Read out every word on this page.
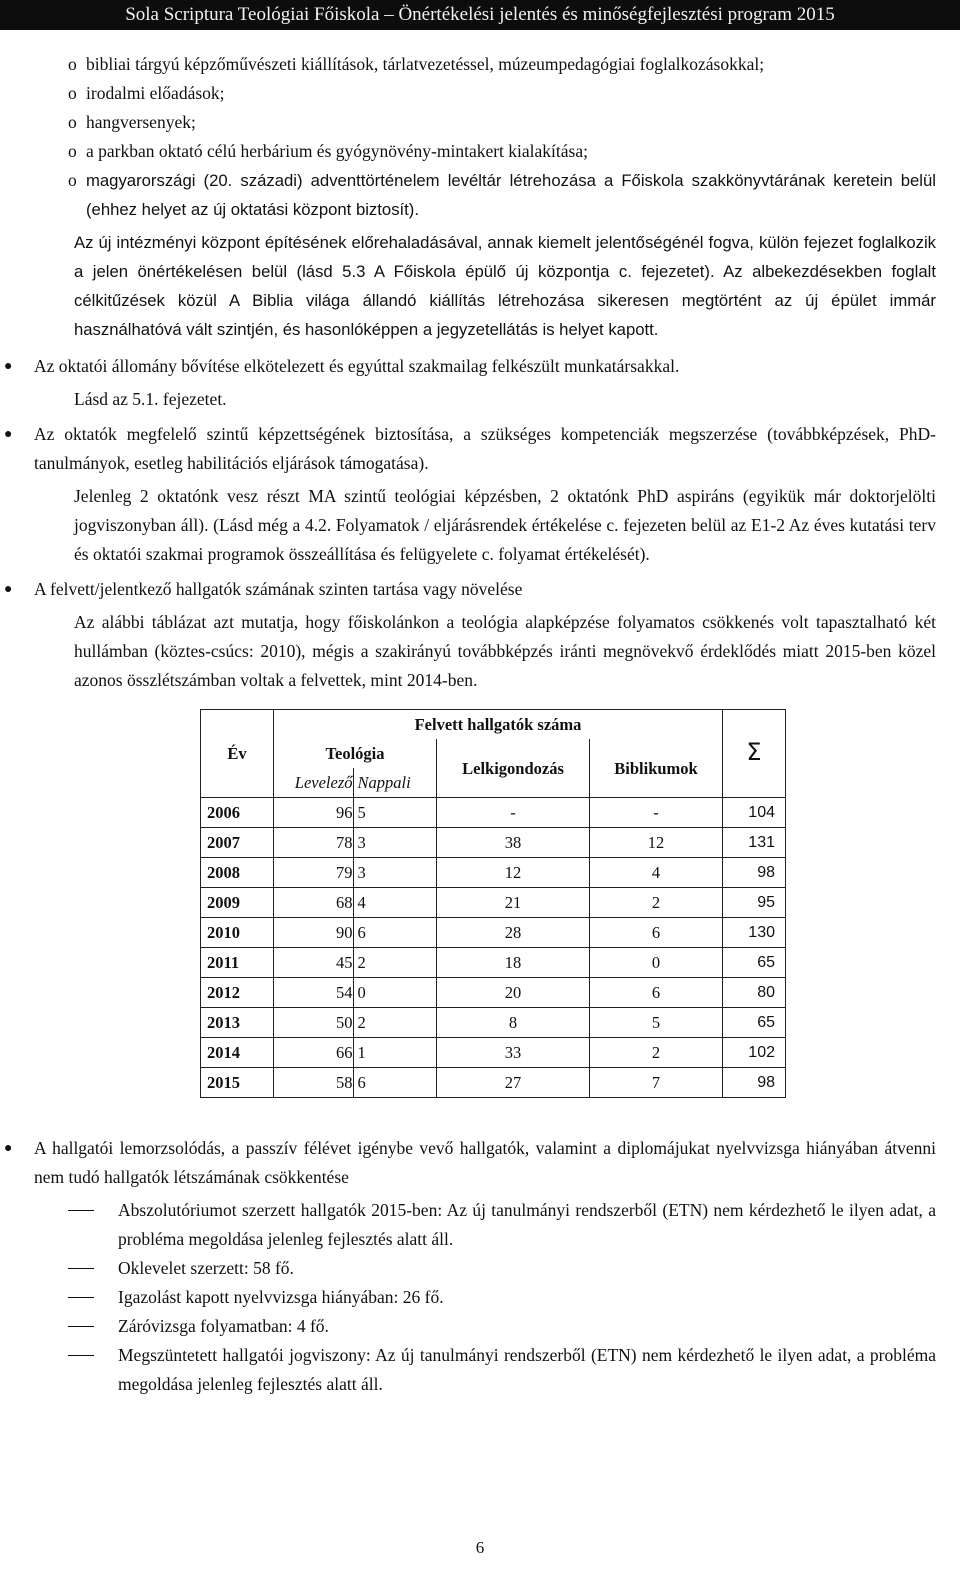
Sola Scriptura Teológiai Főiskola – Önértékelési jelentés és minőségfejlesztési program 2015
o bibliai tárgyú képzőművészeti kiállítások, tárlatvezetéssel, múzeumpedagógiai foglalkozásokkal;
o irodalmi előadások;
o hangversenyek;
o a parkban oktató célú herbárium és gyógynövény-mintakert kialakítása;
o magyarországi (20. századi) adventtörténelem levéltár létrehozása a Főiskola szakkönyvtárának keretein belül (ehhez helyet az új oktatási központ biztosít).

Az új intézményi központ építésének előrehaladásával, annak kiemelt jelentőségénél fogva, külön fejezet foglalkozik a jelen önértékelésen belül (lásd 5.3 A Főiskola épülő új központja c. fejezetet). Az albekezdésekben foglalt célkitűzések közül A Biblia világa állandó kiállítás létrehozása sikeresen megtörtént az új épület immár használhatóvá vált szintjén, és hasonlóképpen a jegyzetellátás is helyet kapott.

● Az oktatói állomány bővítése elkötelezett és egyúttal szakmailag felkészült munkatársakkal.
Lásd az 5.1. fejezetet.
● Az oktatók megfelelő szintű képzettségének biztosítása, a szükséges kompetenciák megszerzése (továbbképzések, PhD-tanulmányok, esetleg habilitációs eljárások támogatása).
Jelenleg 2 oktatónk vesz részt MA szintű teológiai képzésben, 2 oktatónk PhD aspiráns (egyikük már doktorjelölti jogviszonyban áll). (Lásd még a 4.2. Folyamatok / eljárásrendek értékelése c. fejezeten belül az E1-2 Az éves kutatási terv és oktatói szakmai programok összeállítása és felügyelete c. folyamat értékelését).
● A felvett/jelentkező hallgatók számának szinten tartása vagy növelése
Az alábbi táblázat azt mutatja, hogy főiskolánkon a teológia alapképzése folyamatos csökkenés volt tapasztalható két hullámban (köztes-csúcs: 2010), mégis a szakirányú továbbképzés iránti megnövekvő érdeklődés miatt 2015-ben közel azonos összlétszámban voltak a felvettek, mint 2014-ben.
Év	Felvett hallgatók száma			Σ
	Teológia	Lelkigondozás	Biblikumok	
	Levelező Nappali			
2006	96 5	-	-	104
2007	78 3	38	12	131
2008	79 3	12	4	98
2009	68 4	21	2	95
2010	90 6	28	6	130
2011	45 2	18	0	65
2012	54 0	20	6	80
2013	50 2	8	5	65
2014	66 1	33	2	102
2015	58 6	27	7	98
● A hallgatói lemorzsolódás, a passzív félévet igénybe vevő hallgatók, valamint a diplomájukat nyelvvizsga hiányában átvenni nem tudó hallgatók létszámának csökkentése
Abszolutóriumot szerzett hallgatók 2015-ben: Az új tanulmányi rendszerből (ETN) nem kérdezhető le ilyen adat, a probléma megoldása jelenleg fejlesztés alatt áll.
Oklevelet szerzett: 58 fő.
Igazolást kapott nyelvvizsga hiányában: 26 fő.
Záróvizsga folyamatban: 4 fő.
Megszüntetett hallgatói jogviszony: Az új tanulmányi rendszerből (ETN) nem kérdezhető le ilyen adat, a probléma megoldása jelenleg fejlesztés alatt áll.
6
